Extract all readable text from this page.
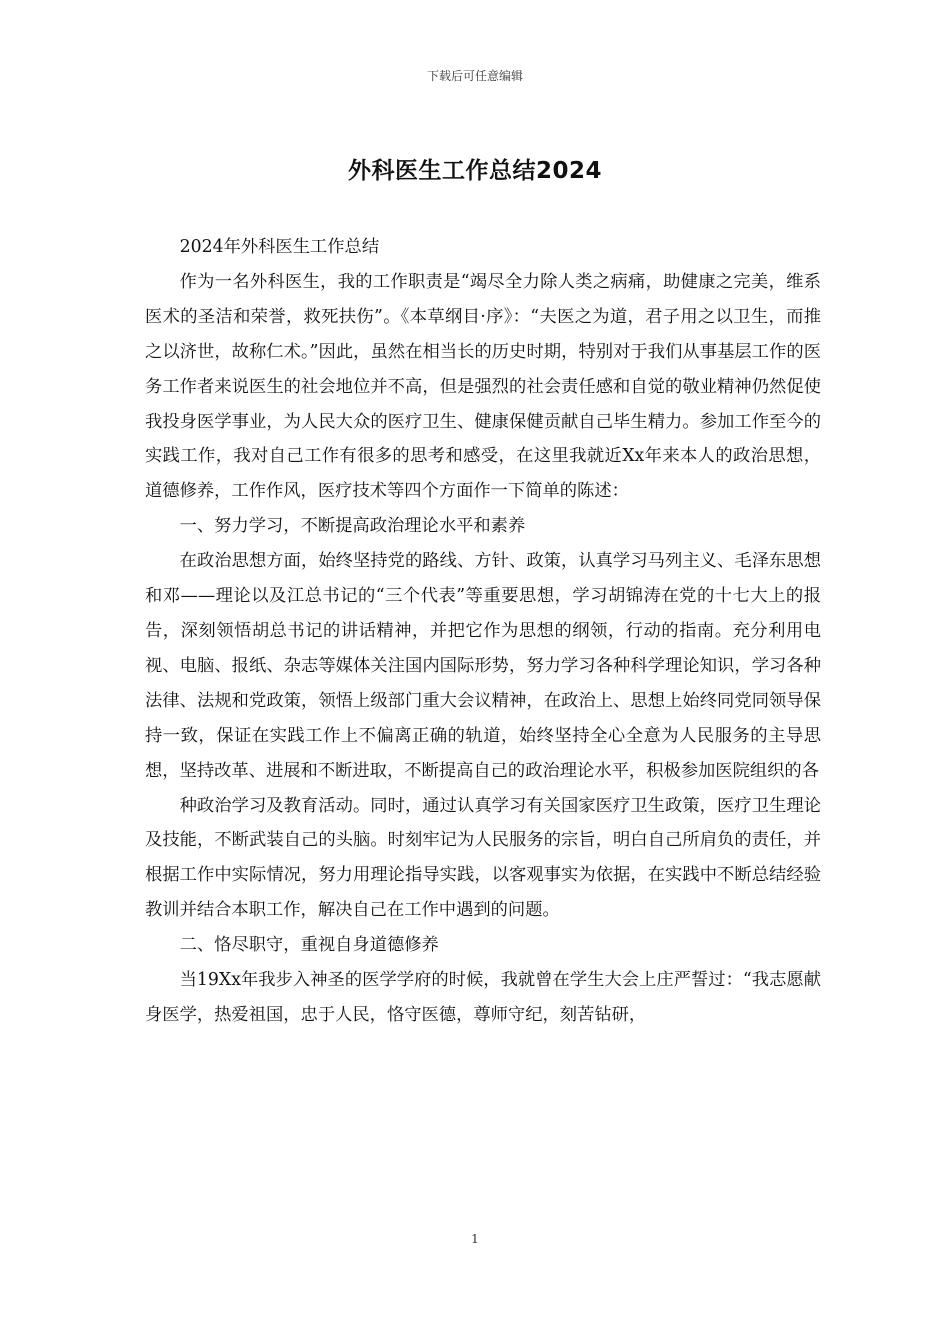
下载后可任意编辑
外科医生工作总结2024

2024年外科医生工作总结

作为一名外科医生，我的工作职责是“竭尽全力除人类之病痛，助健康之完美，维系医术的圣洁和荣誉，救死扶伤”。《本草纲目·序》：“夫医之为道，君子用之以卫生，而推之以济世，故称仁术。”因此，虽然在相当长的历史时期，特别对于我们从事基层工作的医务工作者来说医生的社会地位并不高，但是强烈的社会责任感和自觉的敬业精神仍然促使我投身医学事业，为人民大众的医疗卫生、健康保健贡献自己毕生精力。参加工作至今的实践工作，我对自己工作有很多的思考和感受，在这里我就近Xx年来本人的政治思想，道德修养，工作作风，医疗技术等四个方面作一下简单的陈述：

一、努力学习，不断提高政治理论水平和素养

在政治思想方面，始终坚持党的路线、方针、政策，认真学习马列主义、毛泽东思想和邓——理论以及江总书记的“三个代表”等重要思想，学习胡锦涛在党的十七大上的报告，深刻领悟胡总书记的讲话精神，并把它作为思想的纲领，行动的指南。充分利用电视、电脑、报纸、杂志等媒体关注国内国际形势，努力学习各种科学理论知识，学习各种法律、法规和党政策，领悟上级部门重大会议精神，在政治上、思想上始终同党同领导保持一致，保证在实践工作上不偏离正确的轨道，始终坚持全心全意为人民服务的主导思想，坚持改革、进展和不断进取，不断提高自己的政治理论水平，积极参加医院组织的各

种政治学习及教育活动。同时，通过认真学习有关国家医疗卫生政策，医疗卫生理论及技能，不断武装自己的头脑。时刻牢记为人民服务的宗旨，明白自己所肩负的责任，并根据工作中实际情况，努力用理论指导实践，以客观事实为依据，在实践中不断总结经验教训并结合本职工作，解决自己在工作中遇到的问题。

二、恪尽职守，重视自身道德修养

当19Xx年我步入神圣的医学学府的时候，我就曾在学生大会上庄严誓过：“我志愿献身医学，热爱祖国，忠于人民，恪守医德，尊师守纪，刻苦钻研，

1
